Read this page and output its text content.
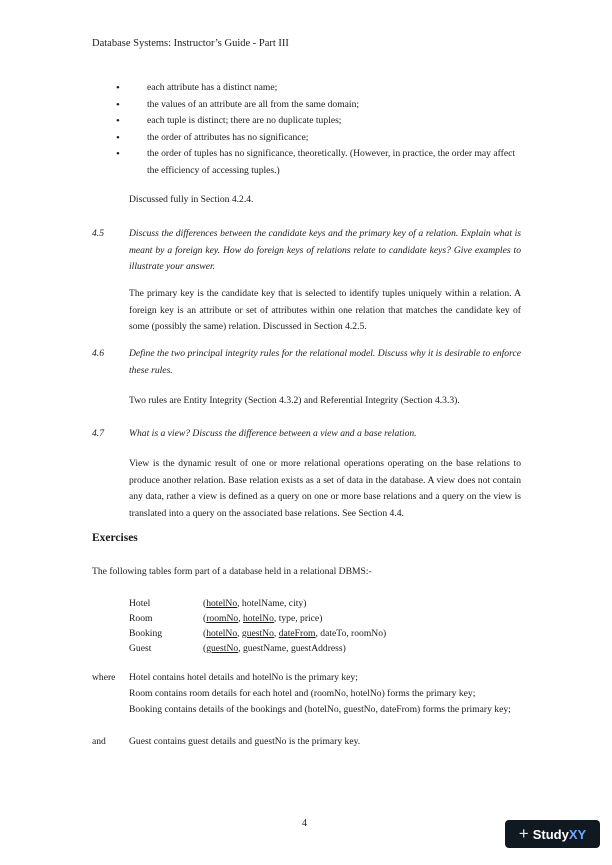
Database Systems: Instructor’s Guide - Part III
• each attribute has a distinct name;
• the values of an attribute are all from the same domain;
• each tuple is distinct; there are no duplicate tuples;
• the order of attributes has no significance;
• the order of tuples has no significance, theoretically. (However, in practice, the order may affect the efficiency of accessing tuples.)
Discussed fully in Section 4.2.4.
4.5	Discuss the differences between the candidate keys and the primary key of a relation. Explain what is meant by a foreign key. How do foreign keys of relations relate to candidate keys? Give examples to illustrate your answer.
The primary key is the candidate key that is selected to identify tuples uniquely within a relation. A foreign key is an attribute or set of attributes within one relation that matches the candidate key of some (possibly the same) relation. Discussed in Section 4.2.5.
4.6	Define the two principal integrity rules for the relational model. Discuss why it is desirable to enforce these rules.
Two rules are Entity Integrity (Section 4.3.2) and Referential Integrity (Section 4.3.3).
4.7	What is a view? Discuss the difference between a view and a base relation.
View is the dynamic result of one or more relational operations operating on the base relations to produce another relation. Base relation exists as a set of data in the database. A view does not contain any data, rather a view is defined as a query on one or more base relations and a query on the view is translated into a query on the associated base relations. See Section 4.4.
Exercises
The following tables form part of a database held in a relational DBMS:-
Hotel	(hotelNo, hotelName, city)
Room	(roomNo, hotelNo, type, price)
Booking	(hotelNo, guestNo, dateFrom, dateTo, roomNo)
Guest	(guestNo, guestName, guestAddress)
where Hotel contains hotel details and hotelNo is the primary key;
Room contains room details for each hotel and (roomNo, hotelNo) forms the primary key;
Booking contains details of the bookings and (hotelNo, guestNo, dateFrom) forms the primary key;
and Guest contains guest details and guestNo is the primary key.
4
+ StudyXY
